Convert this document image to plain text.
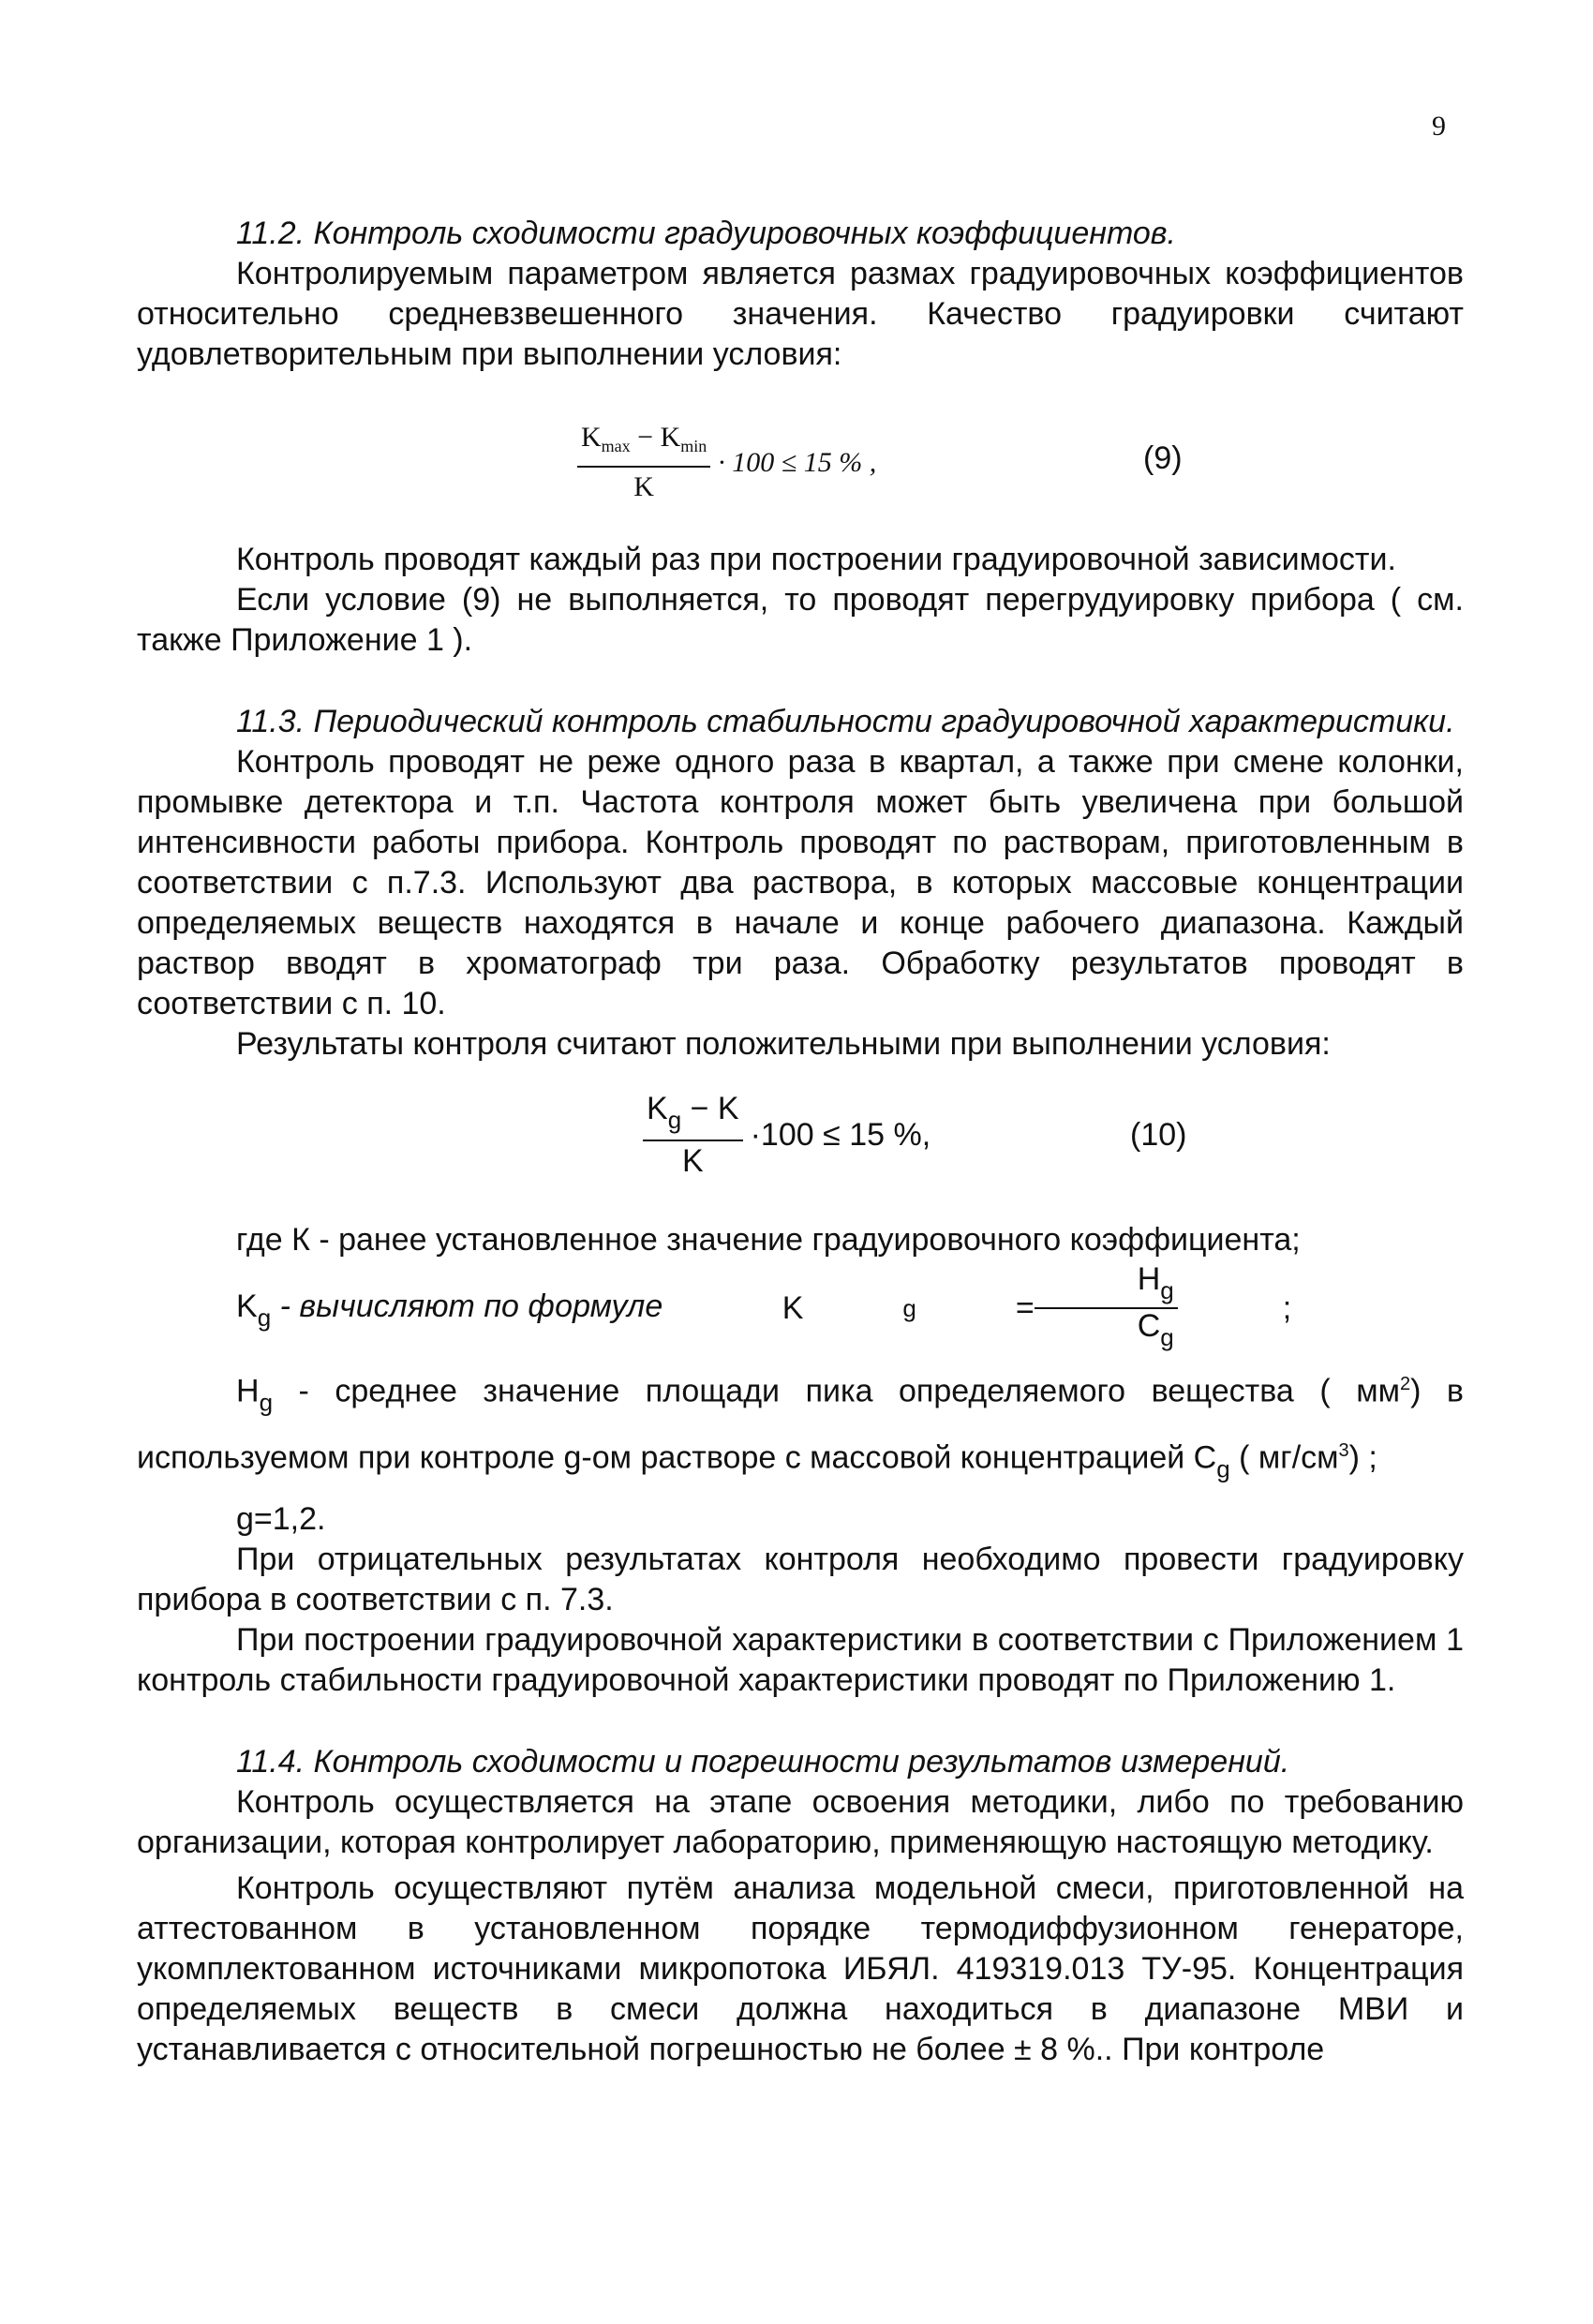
9
11.2. Контроль сходимости градуировочных коэффициентов.

Контролируемым параметром является размах градуировочных коэффициентов относительно средневзвешенного значения. Качество градуировки считают удовлетворительным при выполнении условия:

$\frac{K_{max} - K_{min}}{K} \cdot 100 \le 15$ % ,	(9)

Контроль проводят каждый раз при построении градуировочной зависимости.

Если условие (9) не выполняется, то проводят перегрудуировку прибора ( см. также Приложение 1 ).

11.3. Периодический контроль стабильности градуировочной характеристики.

Контроль проводят не реже одного раза в квартал, а также при смене колонки, промывке детектора и т.п. Частота контроля может быть увеличена при большой интенсивности работы прибора. Контроль проводят по растворам, приготовленным в соответствии с п.7.3. Используют два раствора, в которых массовые концентрации определяемых веществ находятся в начале и конце рабочего диапазона. Каждый раствор вводят в хроматограф три раза. Обработку результатов проводят в соответствии с п. 10.

Результаты контроля считают положительными при выполнении условия:

$\frac{K_g - K}{K} \cdot 100 \le 15$ %,	(10)

где К - ранее установленное значение градуировочного коэффициента;

$K_g$ - вычисляют по формуле	K	g	= $\frac{H_g}{C_g}$	;

$H_g$ - среднее значение площади пика определяемого вещества ( $мм^2$) в используемом при контроле g-ом растворе с массовой концентрацией $C_g$ ( $мг/см^3$) ;

g=1,2.

При отрицательных результатах контроля необходимо провести градуировку прибора в соответствии с п. 7.3.

При построении градуировочной характеристики в соответствии с Приложением 1 контроль стабильности градуировочной характеристики проводят по Приложению 1.

11.4. Контроль сходимости и погрешности результатов измерений.

Контроль осуществляется на этапе освоения методики, либо по требованию организации, которая контролирует лабораторию, применяющую настоящую методику.

Контроль осуществляют путём анализа модельной смеси, приготовленной на аттестованном в установленном порядке термодиффузионном генераторе, укомплектованном источниками микропотока ИБЯЛ. 419319.013 ТУ-95. Концентрация определяемых веществ в смеси должна находиться в диапазоне МВИ и устанавливается с относительной погрешностью не более ± 8 %.. При контроле
